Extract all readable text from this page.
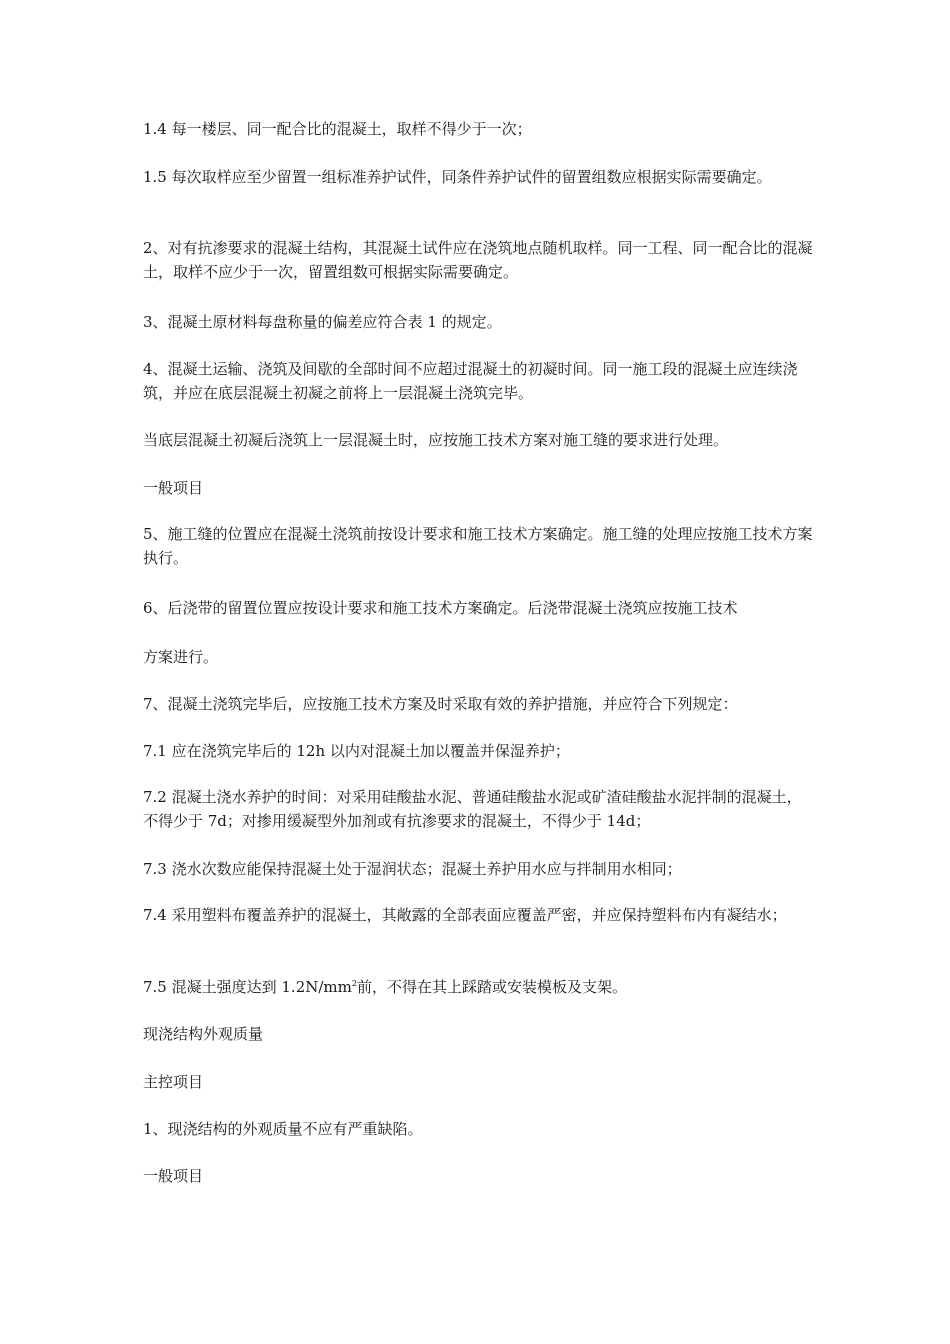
1.4 每一楼层、同一配合比的混凝土，取样不得少于一次；

1.5 每次取样应至少留置一组标准养护试件，同条件养护试件的留置组数应根据实际需要确定。

2、对有抗渗要求的混凝土结构，其混凝土试件应在浇筑地点随机取样。同一工程、同一配合比的混凝土，取样不应少于一次，留置组数可根据实际需要确定。

3、混凝土原材料每盘称量的偏差应符合表 1 的规定。

4、混凝土运输、浇筑及间歇的全部时间不应超过混凝土的初凝时间。同一施工段的混凝土应连续浇筑，并应在底层混凝土初凝之前将上一层混凝土浇筑完毕。

当底层混凝土初凝后浇筑上一层混凝土时，应按施工技术方案对施工缝的要求进行处理。

一般项目

5、施工缝的位置应在混凝土浇筑前按设计要求和施工技术方案确定。施工缝的处理应按施工技术方案执行。

6、后浇带的留置位置应按设计要求和施工技术方案确定。后浇带混凝土浇筑应按施工技术

方案进行。

7、混凝土浇筑完毕后，应按施工技术方案及时采取有效的养护措施，并应符合下列规定：

7.1 应在浇筑完毕后的 12h 以内对混凝土加以覆盖并保湿养护；

7.2 混凝土浇水养护的时间：对采用硅酸盐水泥、普通硅酸盐水泥或矿渣硅酸盐水泥拌制的混凝土，不得少于 7d；对掺用缓凝型外加剂或有抗渗要求的混凝土，不得少于 14d；

7.3 浇水次数应能保持混凝土处于湿润状态；混凝土养护用水应与拌制用水相同；

7.4 采用塑料布覆盖养护的混凝土，其敞露的全部表面应覆盖严密，并应保持塑料布内有凝结水；

7.5 混凝土强度达到 $1.2N/mm^2$前，不得在其上踩踏或安装模板及支架。

现浇结构外观质量

主控项目

1、现浇结构的外观质量不应有严重缺陷。

一般项目
